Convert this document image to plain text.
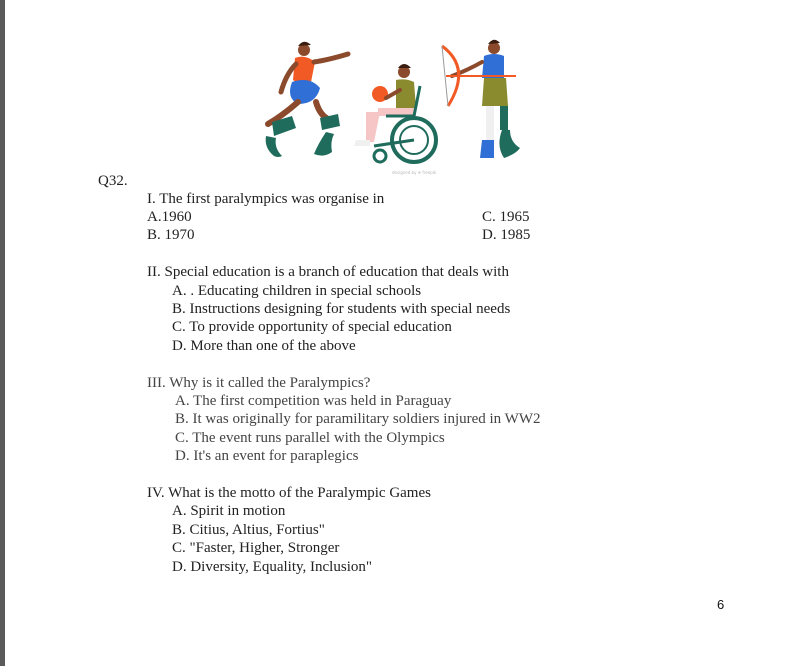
designed by ❄ freepik
Q32.
I. The first paralympics was organise in
A.1960	C. 1965
B. 1970	D. 1985
II. Special education is a branch of education that deals with
A. . Educating children in special schools
B. Instructions designing for students with special needs
C. To provide opportunity of special education
D. More than one of the above
III. Why is it called the Paralympics?
A. The first competition was held in Paraguay
B. It was originally for paramilitary soldiers injured in WW2
C. The event runs parallel with the Olympics
D. It's an event for paraplegics
IV. What is the motto of the Paralympic Games
A. Spirit in motion
B. Citius, Altius, Fortius"
C. "Faster, Higher, Stronger
D. Diversity, Equality, Inclusion"
6
